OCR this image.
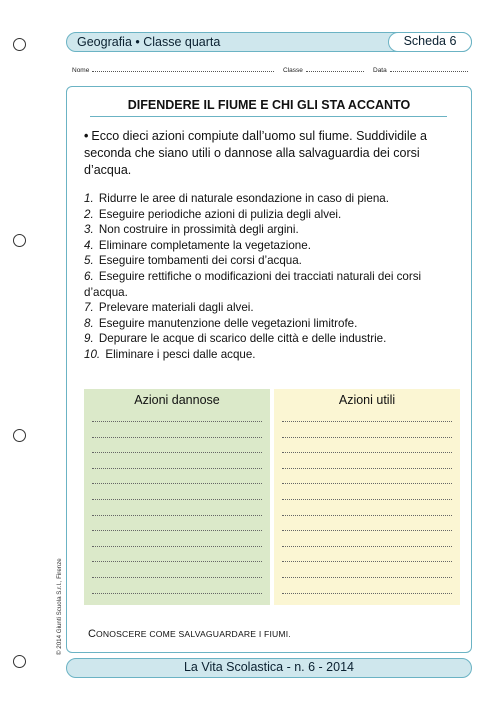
Geografia • Classe quarta	Scheda 6
Nome	Classe	Data
DIFENDERE IL FIUME E CHI GLI STA ACCANTO
• Ecco dieci azioni compiute dall’uomo sul fiume. Suddividile a seconda che siano utili o dannose alla salvaguardia dei corsi d’acqua.
1. Ridurre le aree di naturale esondazione in caso di piena.
2. Eseguire periodiche azioni di pulizia degli alvei.
3. Non costruire in prossimità degli argini.
4. Eliminare completamente la vegetazione.
5. Eseguire tombamenti dei corsi d’acqua.
6. Eseguire rettifiche o modificazioni dei tracciati naturali dei corsi d’acqua.
7. Prelevare materiali dagli alvei.
8. Eseguire manutenzione delle vegetazioni limitrofe.
9. Depurare le acque di scarico delle città e delle industrie.
10. Eliminare i pesci dalle acque.
Azioni dannose	Azioni utili
CONOSCERE COME SALVAGUARDARE I FIUMI.
© 2014 Giunti Scuola S.r.l., Firenze
La Vita Scolastica - n. 6 - 2014
